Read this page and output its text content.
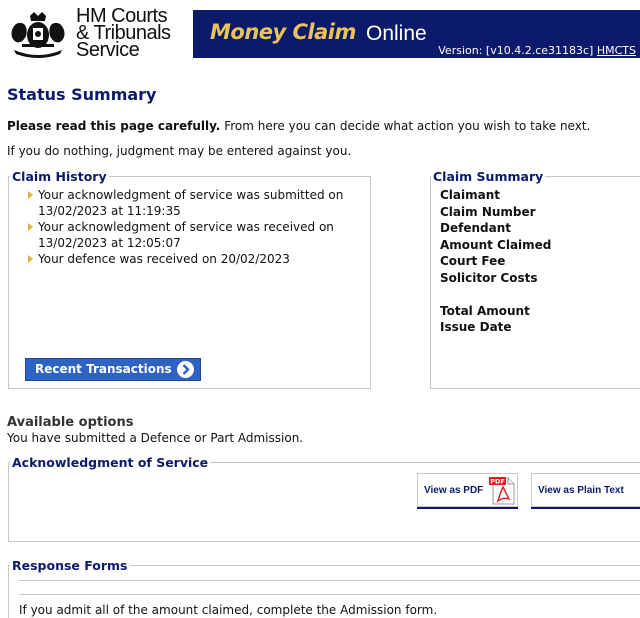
HM Courts
& Tribunals
Service
Money Claim Online
Version: [v10.4.2.ce31183c] HMCTS
Status Summary

Please read this page carefully. From here you can decide what action you wish to take next.

If you do nothing, judgment may be entered against you.

Claim History
Your acknowledgment of service was submitted on 13/02/2023 at 11:19:35
Your acknowledgment of service was received on 13/02/2023 at 12:05:07
Your defence was received on 20/02/2023
Recent Transactions
Claim Summary
Claimant
Claim Number
Defendant
Amount Claimed
Court Fee
Solicitor Costs
Total Amount
Issue Date
Available options

You have submitted a Defence or Part Admission.

Acknowledgment of Service
View as PDF
PDF
View as Plain Text
Response Forms

If you admit all of the amount claimed, complete the Admission form.
